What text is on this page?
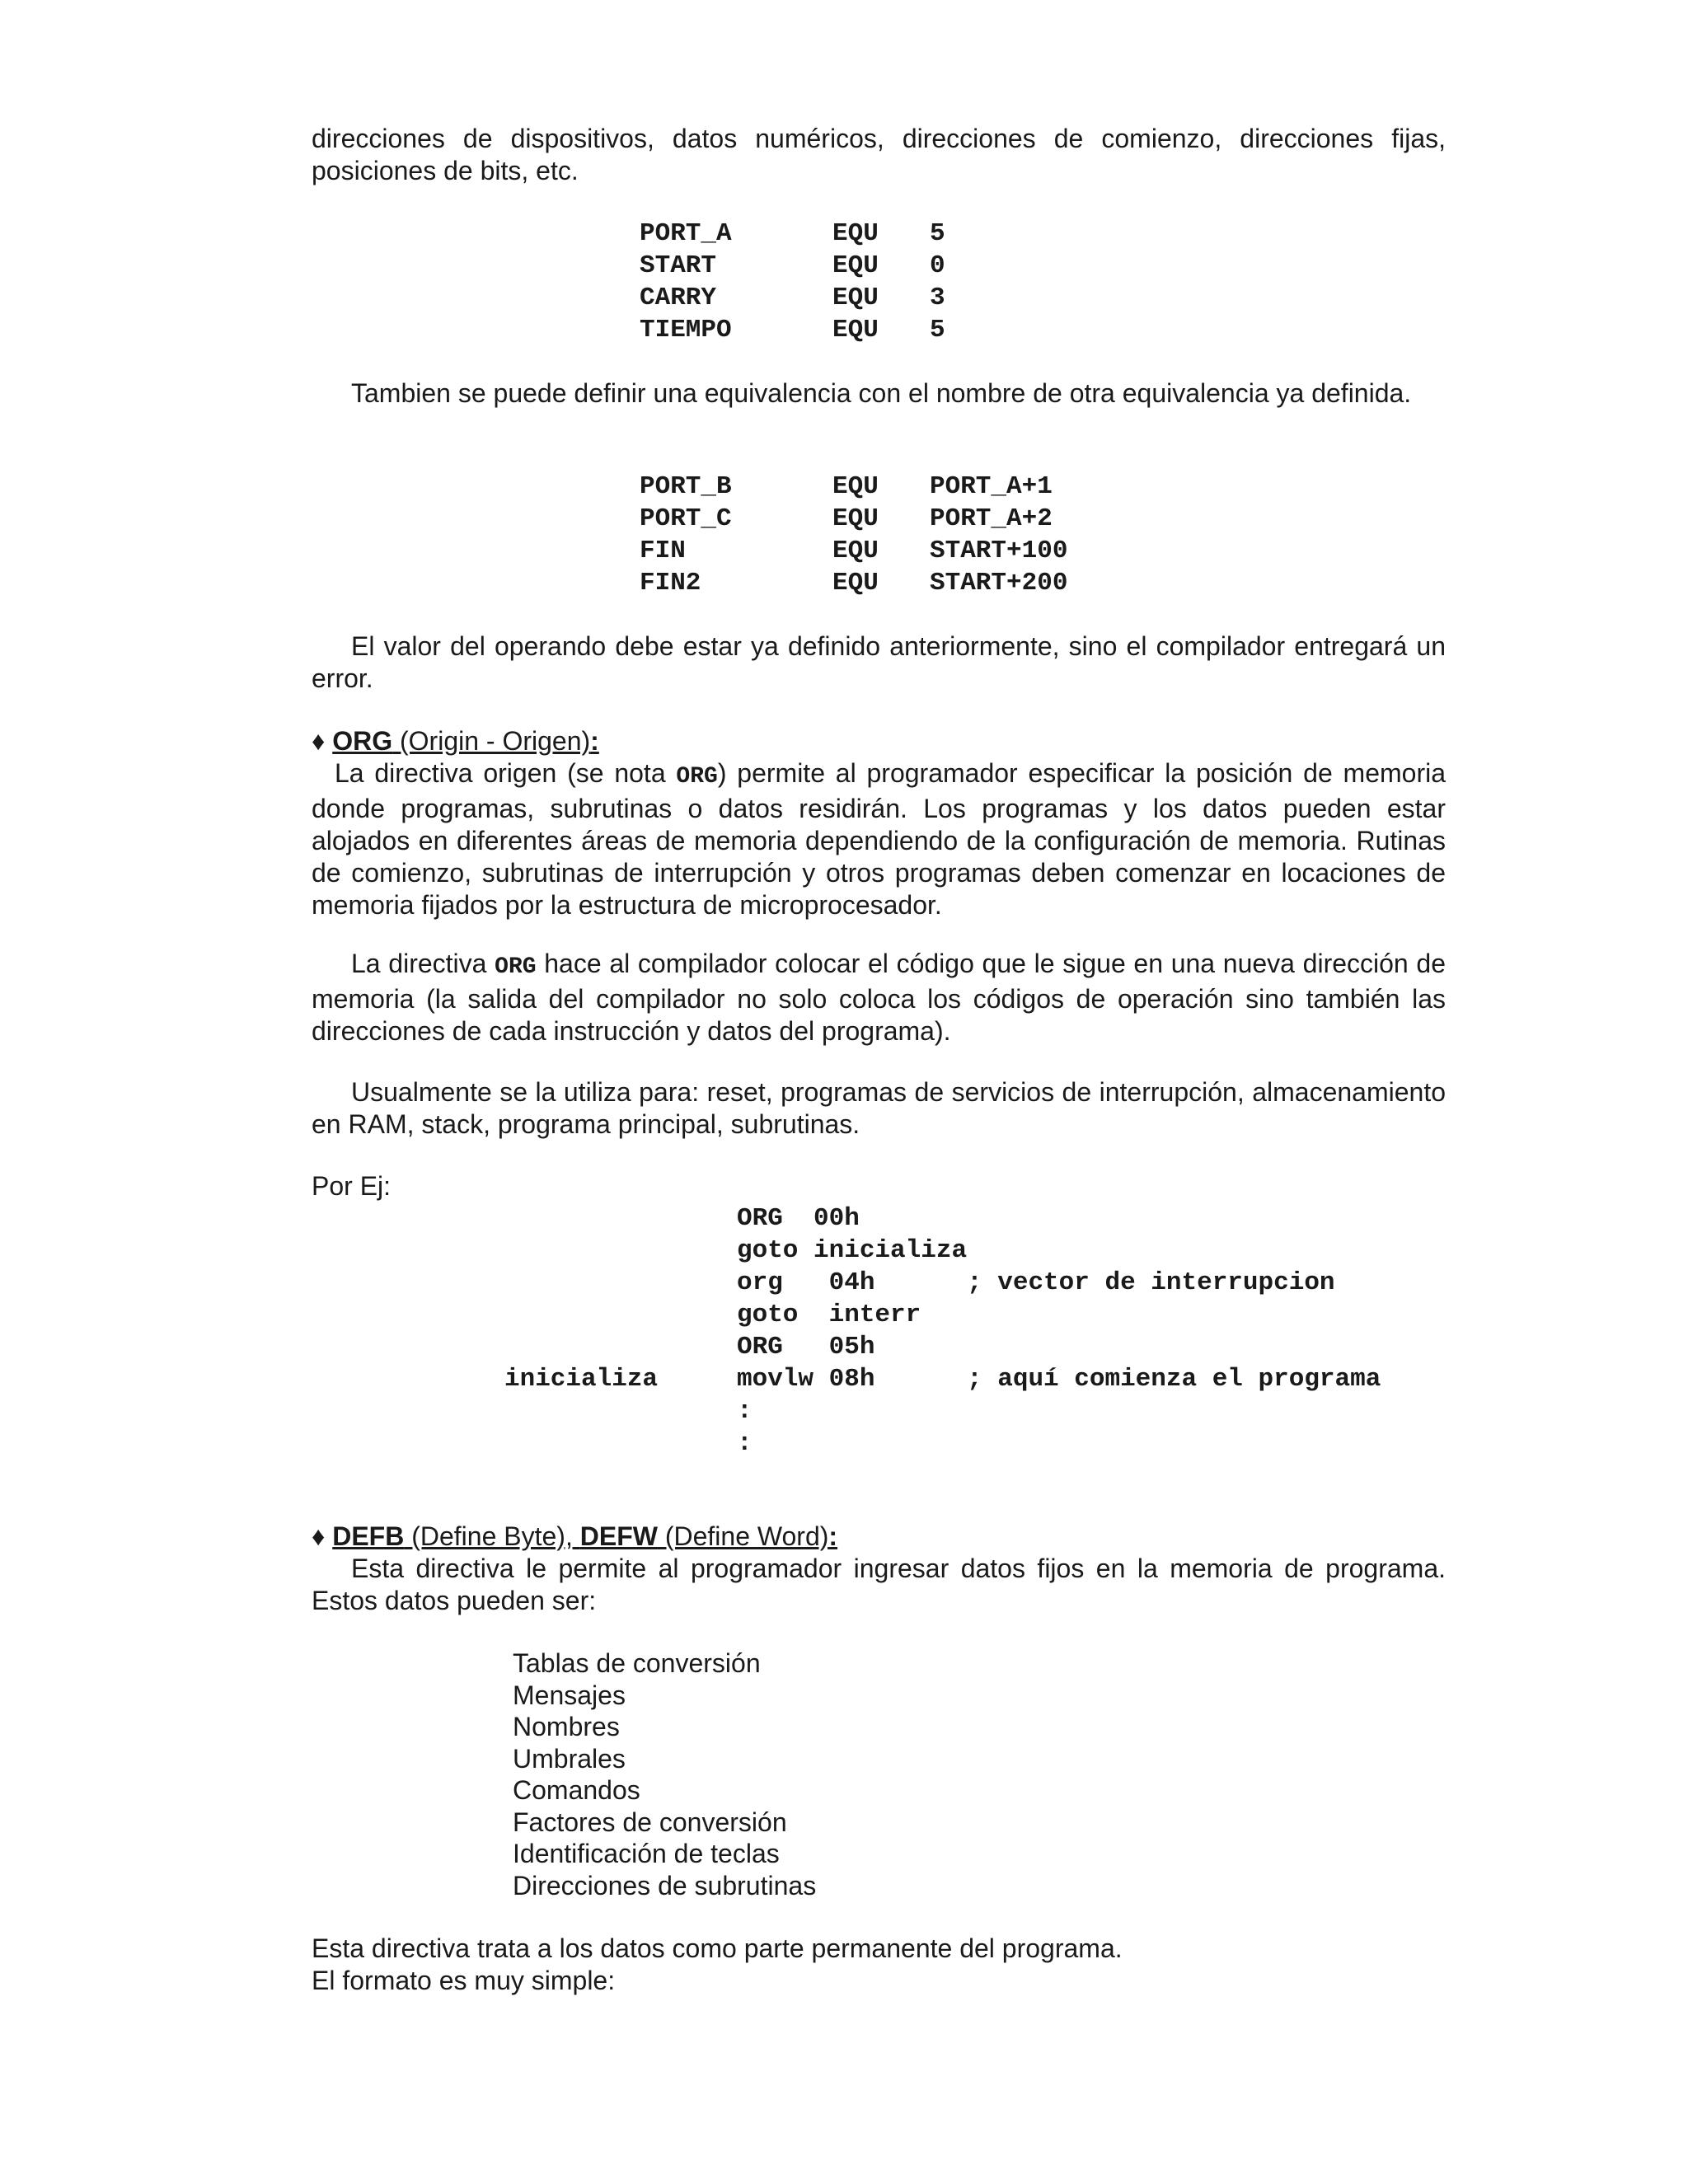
direcciones de dispositivos, datos numéricos, direcciones de comienzo, direcciones fijas, posiciones de bits, etc.

PORT_A	EQU	5
START	EQU	0
CARRY	EQU	3
TIEMPO	EQU	5

Tambien se puede definir una equivalencia con el nombre de otra equivalencia ya definida.

PORT_B	EQU	PORT_A+1
PORT_C	EQU	PORT_A+2
FIN	EQU	START+100
FIN2	EQU	START+200

El valor del operando debe estar ya definido anteriormente, sino el compilador entregará un error.

♦ ORG (Origin - Origen):

La directiva origen (se nota ORG) permite al programador especificar la posición de memoria donde programas, subrutinas o datos residirán. Los programas y los datos pueden estar alojados en diferentes áreas de memoria dependiendo de la configuración de memoria. Rutinas de comienzo, subrutinas de interrupción y otros programas deben comenzar en locaciones de memoria fijados por la estructura de microprocesador.

La directiva ORG hace al compilador colocar el código que le sigue en una nueva dirección de memoria (la salida del compilador no solo coloca los códigos de operación sino también las direcciones de cada instrucción y datos del programa).

Usualmente se la utiliza para: reset, programas de servicios de interrupción, almacenamiento en RAM, stack, programa principal, subrutinas.

Por Ej:

	ORG  00h	
	goto inicializa	
	org   04h	; vector de interrupcion
	goto  interr	
	ORG   05h	
inicializa	movlw 08h	; aquí comienza el programa
	:	
	:	

♦ DEFB (Define Byte), DEFW (Define Word):

Esta directiva le permite al programador ingresar datos fijos en la memoria de programa. Estos datos pueden ser:

Tablas de conversión
Mensajes
Nombres
Umbrales
Comandos
Factores de conversión
Identificación de teclas
Direcciones de subrutinas

Esta directiva trata a los datos como parte permanente del programa.

El formato es muy simple:
